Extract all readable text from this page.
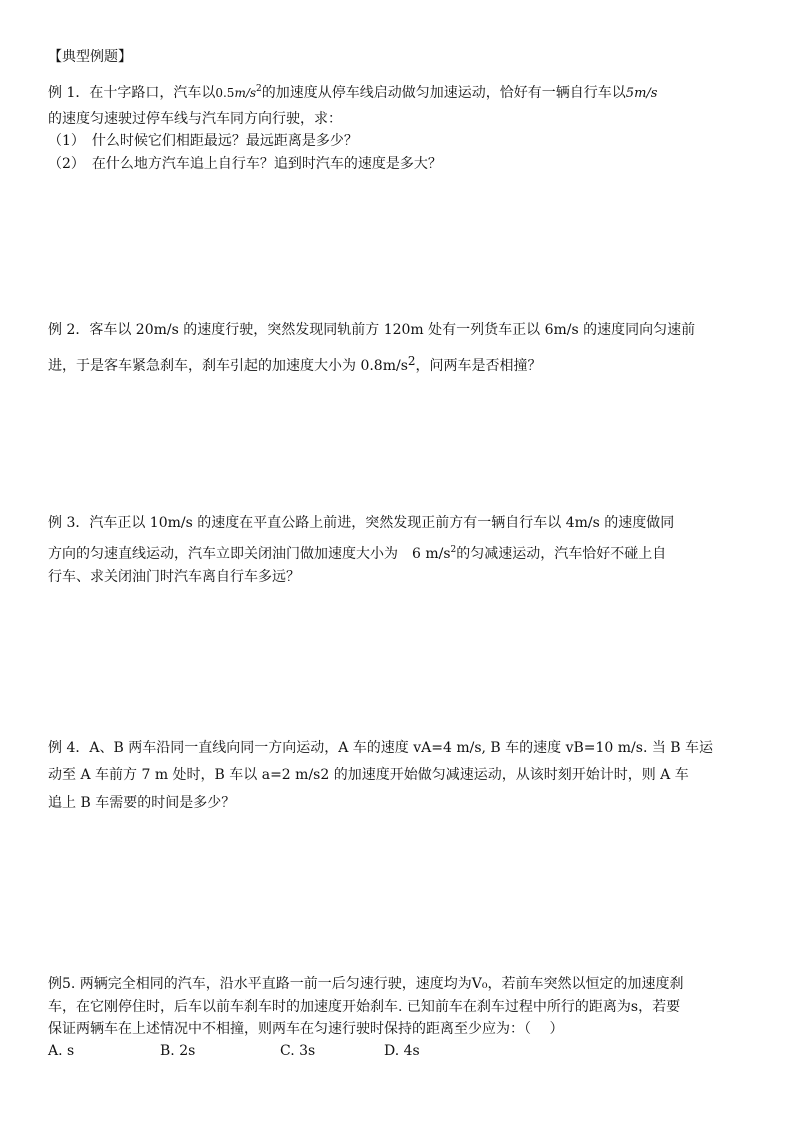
【典型例题】
例 1．在十字路口，汽车以$0.5m/s^2$的加速度从停车线启动做匀加速运动，恰好有一辆自行车以5m/s
的速度匀速驶过停车线与汽车同方向行驶，求：
（1）　什么时候它们相距最远？最远距离是多少？
（2）　在什么地方汽车追上自行车？追到时汽车的速度是多大？
例 2．客车以 20m/s 的速度行驶，突然发现同轨前方 120m 处有一列货车正以 6m/s 的速度同向匀速前
进，于是客车紧急刹车，刹车引起的加速度大小为 0.8m/s2，问两车是否相撞？
例 3．汽车正以 10m/s 的速度在平直公路上前进，突然发现正前方有一辆自行车以 4m/s 的速度做同
方向的匀速直线运动，汽车立即关闭油门做加速度大小为　6 $m/s^2$的匀减速运动，汽车恰好不碰上自
行车、求关闭油门时汽车离自行车多远？
例 4．A、B 两车沿同一直线向同一方向运动，A 车的速度 vA=4 m/s, B 车的速度 vB=10 m/s. 当 B 车运
动至 A 车前方 7 m 处时，B 车以 a=2 m/s2 的加速度开始做匀减速运动，从该时刻开始计时，则 A 车
追上 B 车需要的时间是多少？
例5. 两辆完全相同的汽车，沿水平直路一前一后匀速行驶，速度均为V₀，若前车突然以恒定的加速度刹
车，在它刚停住时，后车以前车刹车时的加速度开始刹车. 已知前车在刹车过程中所行的距离为s，若要
保证两辆车在上述情况中不相撞，则两车在匀速行驶时保持的距离至少应为：（　 ）
A. s	B. 2s	C. 3s	D. 4s
